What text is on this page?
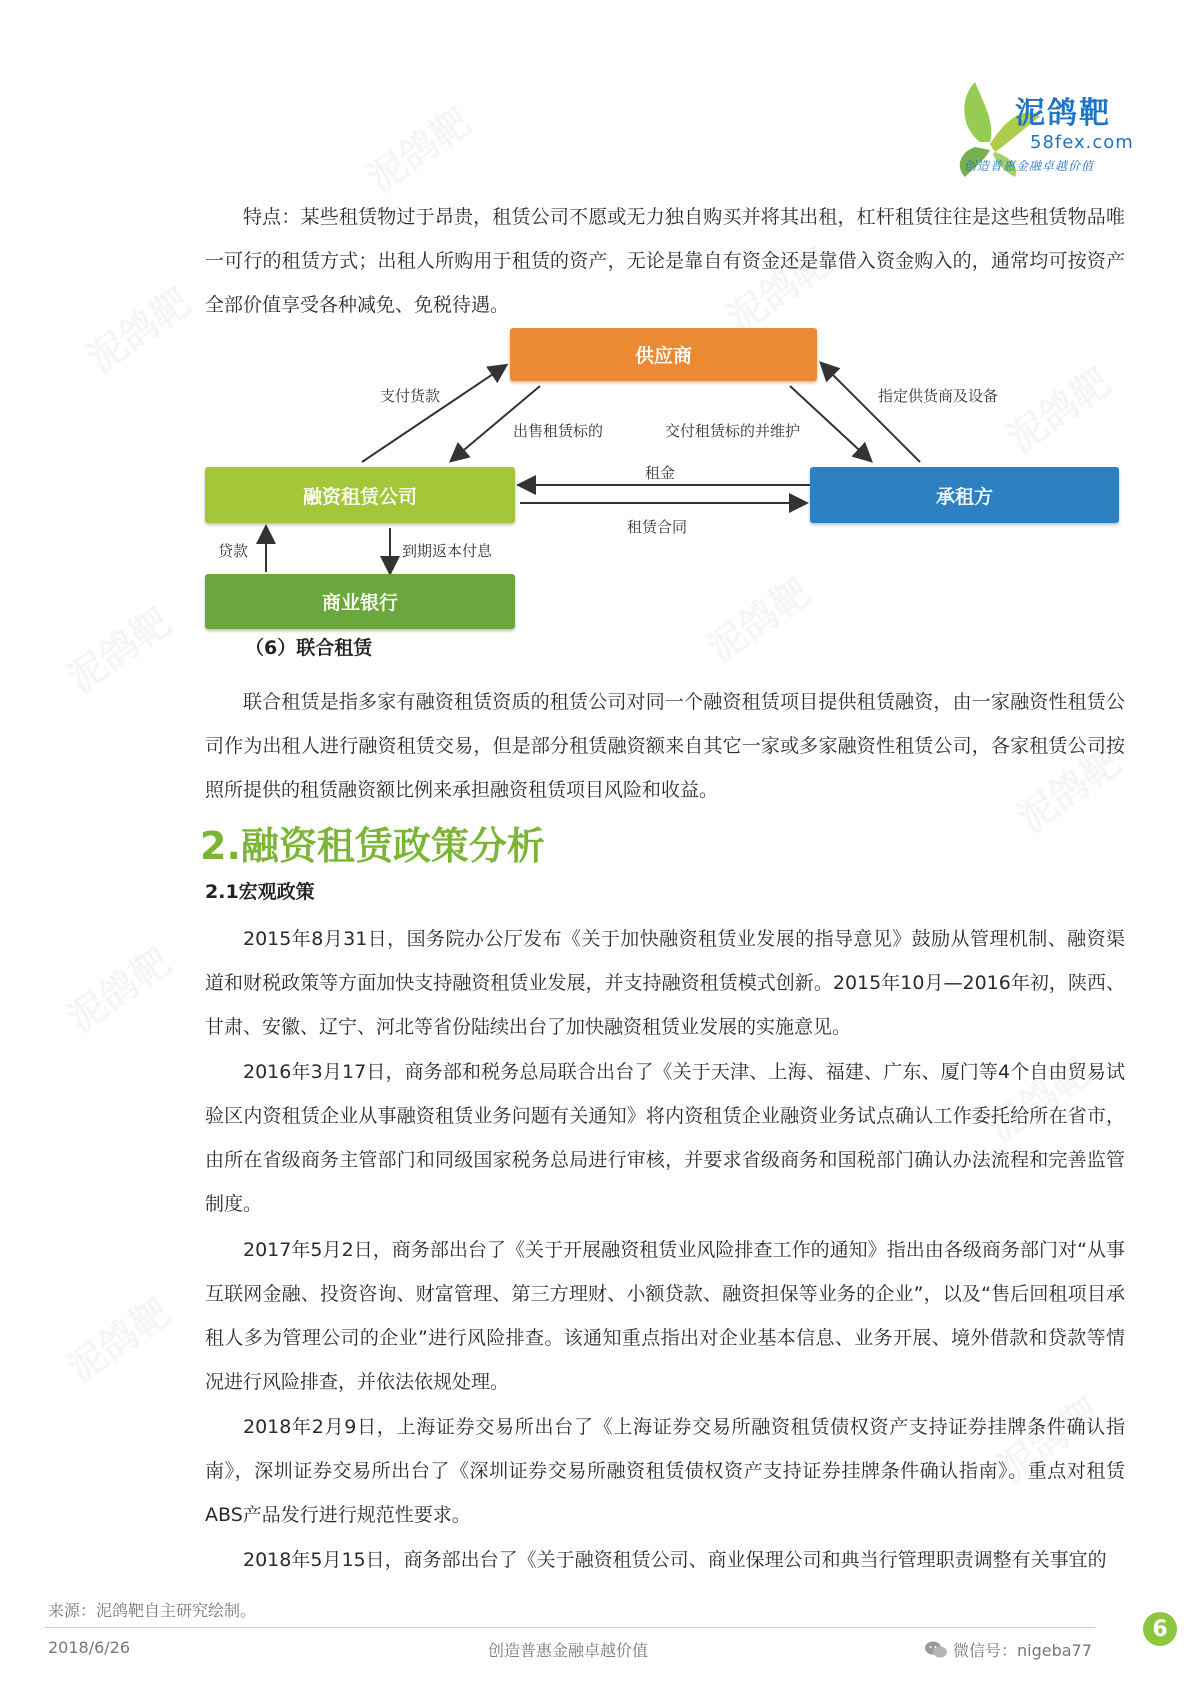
泥鸽靶
泥鸽靶	泥鸽靶
泥鸽靶
泥鸽靶	泥鸽靶
泥鸽靶
泥鸽靶
泥鸽靶
泥鸽靶
泥鸽靶
泥鸽靶
58fex.com
创造普惠金融卓越价值

特点：某些租赁物过于昂贵，租赁公司不愿或无力独自购买并将其出租，杠杆租赁往往是这些租赁物品唯一可行的租赁方式；出租人所购用于租赁的资产，无论是靠自有资金还是靠借入资金购入的，通常均可按资产全部价值享受各种减免、免税待遇。

供应商
融资租赁公司	承租方
商业银行
支付货款
出售租赁标的	交付租赁标的并维护
指定供货商及设备
租金
租赁合同
贷款	到期返本付息
（6）联合租赁

联合租赁是指多家有融资租赁资质的租赁公司对同一个融资租赁项目提供租赁融资，由一家融资性租赁公司作为出租人进行融资租赁交易，但是部分租赁融资额来自其它一家或多家融资性租赁公司，各家租赁公司按照所提供的租赁融资额比例来承担融资租赁项目风险和收益。

2.融资租赁政策分析
2.1宏观政策

2015年8月31日，国务院办公厅发布《关于加快融资租赁业发展的指导意见》鼓励从管理机制、融资渠道和财税政策等方面加快支持融资租赁业发展，并支持融资租赁模式创新。2015年10月—2016年初，陕西、甘肃、安徽、辽宁、河北等省份陆续出台了加快融资租赁业发展的实施意见。

2016年3月17日，商务部和税务总局联合出台了《关于天津、上海、福建、广东、厦门等4个自由贸易试验区内资租赁企业从事融资租赁业务问题有关通知》将内资租赁企业融资业务试点确认工作委托给所在省市，由所在省级商务主管部门和同级国家税务总局进行审核，并要求省级商务和国税部门确认办法流程和完善监管制度。

2017年5月2日，商务部出台了《关于开展融资租赁业风险排查工作的通知》指出由各级商务部门对“从事互联网金融、投资咨询、财富管理、第三方理财、小额贷款、融资担保等业务的企业”，以及“售后回租项目承租人多为管理公司的企业”进行风险排查。该通知重点指出对企业基本信息、业务开展、境外借款和贷款等情况进行风险排查，并依法依规处理。

2018年2月9日，上海证券交易所出台了《上海证券交易所融资租赁债权资产支持证券挂牌条件确认指南》，深圳证券交易所出台了《深圳证券交易所融资租赁债权资产支持证券挂牌条件确认指南》。重点对租赁ABS产品发行进行规范性要求。

2018年5月15日，商务部出台了《关于融资租赁公司、商业保理公司和典当行管理职责调整有关事宜的

来源：泥鸽靶自主研究绘制。
2018/6/26	创造普惠金融卓越价值	微信号：nigeba77
6
